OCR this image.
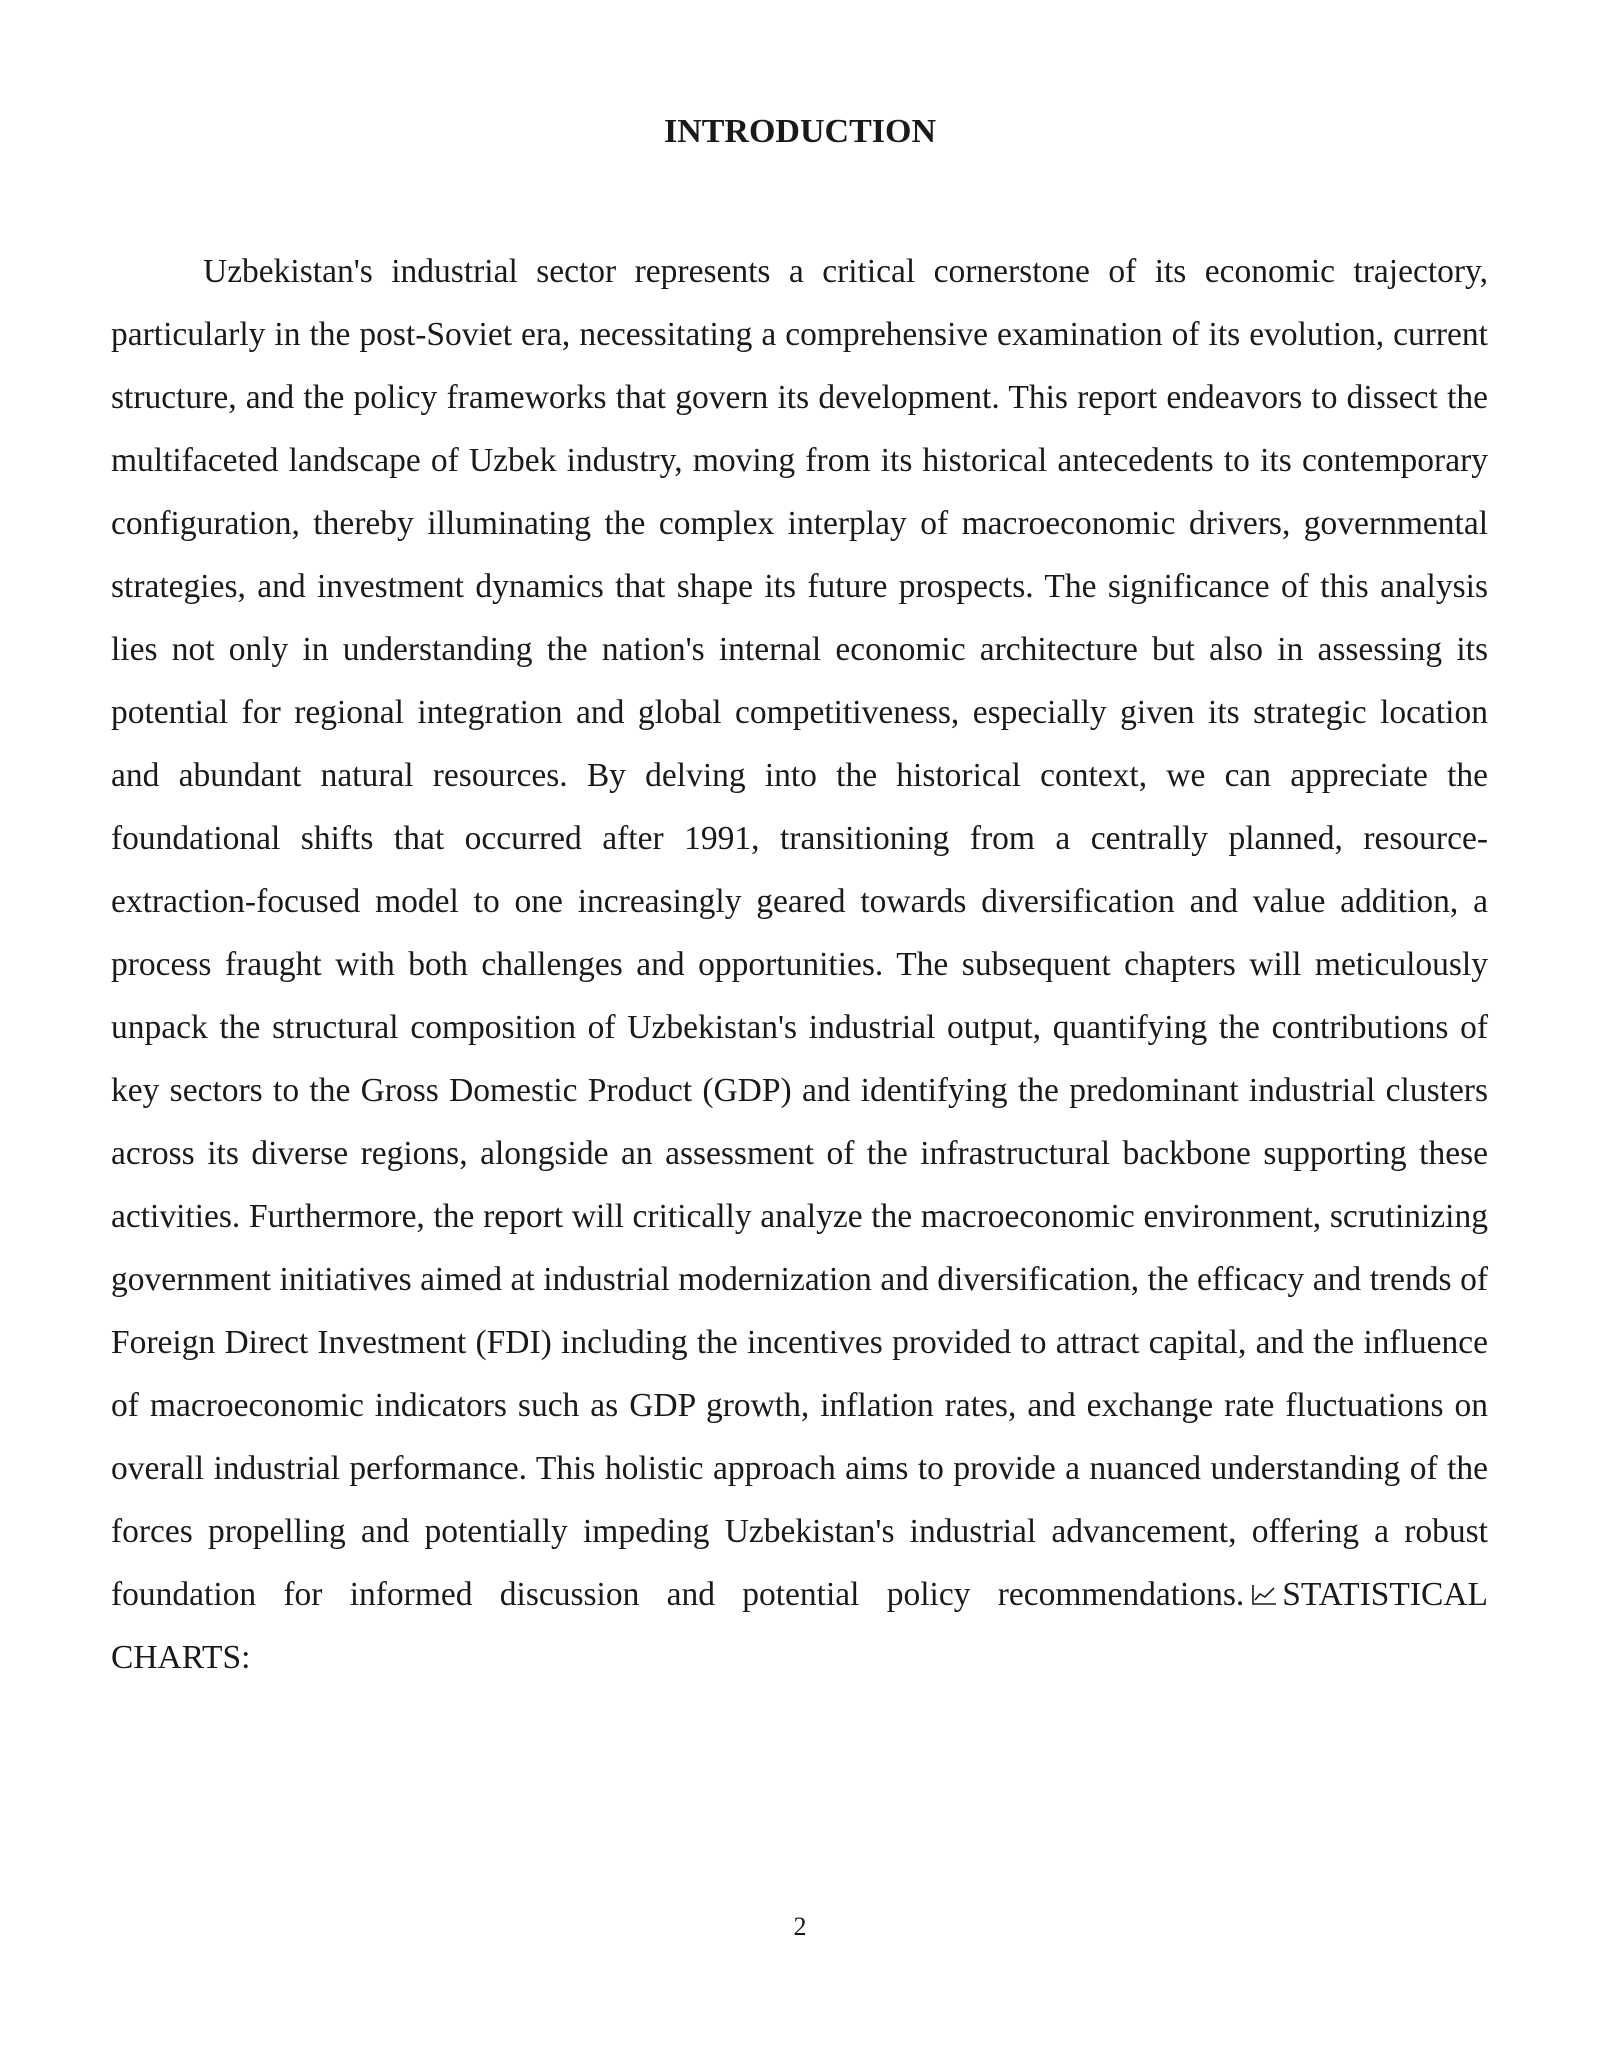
INTRODUCTION

Uzbekistan's industrial sector represents a critical cornerstone of its economic trajectory, particularly in the post-Soviet era, necessitating a comprehensive examination of its evolution, current structure, and the policy frameworks that govern its development. This report endeavors to dissect the multifaceted landscape of Uzbek industry, moving from its historical antecedents to its contemporary configuration, thereby illuminating the complex interplay of macroeconomic drivers, governmental strategies, and investment dynamics that shape its future prospects. The significance of this analysis lies not only in understanding the nation's internal economic architecture but also in assessing its potential for regional integration and global competitiveness, especially given its strategic location and abundant natural resources. By delving into the historical context, we can appreciate the foundational shifts that occurred after 1991, transitioning from a centrally planned, resource-extraction-focused model to one increasingly geared towards diversification and value addition, a process fraught with both challenges and opportunities. The subsequent chapters will meticulously unpack the structural composition of Uzbekistan's industrial output, quantifying the contributions of key sectors to the Gross Domestic Product (GDP) and identifying the predominant industrial clusters across its diverse regions, alongside an assessment of the infrastructural backbone supporting these activities. Furthermore, the report will critically analyze the macroeconomic environment, scrutinizing government initiatives aimed at industrial modernization and diversification, the efficacy and trends of Foreign Direct Investment (FDI) including the incentives provided to attract capital, and the influence of macroeconomic indicators such as GDP growth, inflation rates, and exchange rate fluctuations on overall industrial performance. This holistic approach aims to provide a nuanced understanding of the forces propelling and potentially impeding Uzbekistan's industrial advancement, offering a robust foundation for informed discussion and potential policy recommendations. STATISTICAL CHARTS:

2
